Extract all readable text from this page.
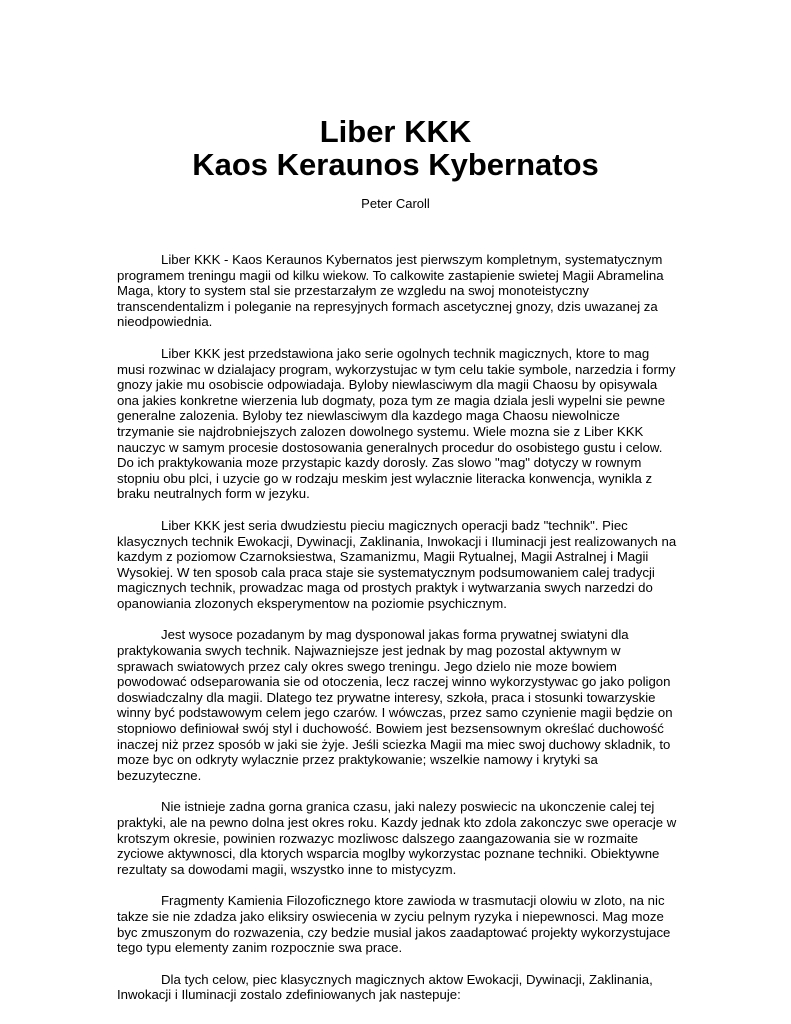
Liber KKK
Kaos Keraunos Kybernatos

Peter Caroll

Liber KKK - Kaos Keraunos Kybernatos jest pierwszym kompletnym, systematycznym programem treningu magii od kilku wiekow. To calkowite zastapienie swietej Magii Abramelina Maga, ktory to system stal sie przestarzałym ze wzgledu na swoj monoteistyczny transcendentalizm i poleganie na represyjnych formach ascetycznej gnozy, dzis uwazanej za nieodpowiednia.

Liber KKK jest przedstawiona jako serie ogolnych technik magicznych, ktore to mag musi rozwinac w dzialajacy program, wykorzystujac w tym celu takie symbole, narzedzia i formy gnozy jakie mu osobiscie odpowiadaja. Byloby niewlasciwym dla magii Chaosu by opisywala ona jakies konkretne wierzenia lub dogmaty, poza tym ze magia dziala jesli wypelni sie pewne generalne zalozenia. Byloby tez niewlasciwym dla kazdego maga Chaosu niewolnicze trzymanie sie najdrobniejszych zalozen dowolnego systemu. Wiele mozna sie z Liber KKK nauczyc w samym procesie dostosowania generalnych procedur do osobistego gustu i celow. Do ich praktykowania moze przystapic kazdy dorosly. Zas slowo "mag" dotyczy w rownym stopniu obu plci, i uzycie go w rodzaju meskim jest wylacznie literacka konwencja, wynikla z braku neutralnych form w jezyku.

Liber KKK jest seria dwudziestu pieciu magicznych operacji badz "technik". Piec klasycznych technik Ewokacji, Dywinacji, Zaklinania, Inwokacji i Iluminacji jest realizowanych na kazdym z poziomow Czarnoksiestwa, Szamanizmu, Magii Rytualnej, Magii Astralnej i Magii Wysokiej. W ten sposob cala praca staje sie systematycznym podsumowaniem calej tradycji magicznych technik, prowadzac maga od prostych praktyk i wytwarzania swych narzedzi do opanowiania zlozonych eksperymentow na poziomie psychicznym.

Jest wysoce pozadanym by mag dysponowal jakas forma prywatnej swiatyni dla praktykowania swych technik. Najwazniejsze jest jednak by mag pozostal aktywnym w sprawach swiatowych przez caly okres swego treningu. Jego dzielo nie moze bowiem powodować odseparowania sie od otoczenia, lecz raczej winno wykorzystywac go jako poligon doswiadczalny dla magii. Dlatego tez prywatne interesy, szkoła, praca i stosunki towarzyskie winny być podstawowym celem jego czarów. I wówczas, przez samo czynienie magii będzie on stopniowo definiował swój styl i duchowość. Bowiem jest bezsensownym określać duchowość inaczej niż przez sposób w jaki sie żyje. Jeśli sciezka Magii ma miec swoj duchowy skladnik, to moze byc on odkryty wylacznie przez praktykowanie; wszelkie namowy i krytyki sa bezuzyteczne.

Nie istnieje zadna gorna granica czasu, jaki nalezy poswiecic na ukonczenie calej tej praktyki, ale na pewno dolna jest okres roku. Kazdy jednak kto zdola zakonczyc swe operacje w krotszym okresie, powinien rozwazyc mozliwosc dalszego zaangazowania sie w rozmaite zyciowe aktywnosci, dla ktorych wsparcia moglby wykorzystac poznane techniki. Obiektywne rezultaty sa dowodami magii, wszystko inne to mistycyzm.

Fragmenty Kamienia Filozoficznego ktore zawioda w trasmutacji olowiu w zloto, na nic takze sie nie zdadza jako eliksiry oswiecenia w zyciu pelnym ryzyka i niepewnosci. Mag moze byc zmuszonym do rozwazenia, czy bedzie musial jakos zaadaptować projekty wykorzystujace tego typu elementy zanim rozpocznie swa prace.

Dla tych celow, piec klasycznych magicznych aktow Ewokacji, Dywinacji, Zaklinania, Inwokacji i Iluminacji zostalo zdefiniowanych jak nastepuje:
